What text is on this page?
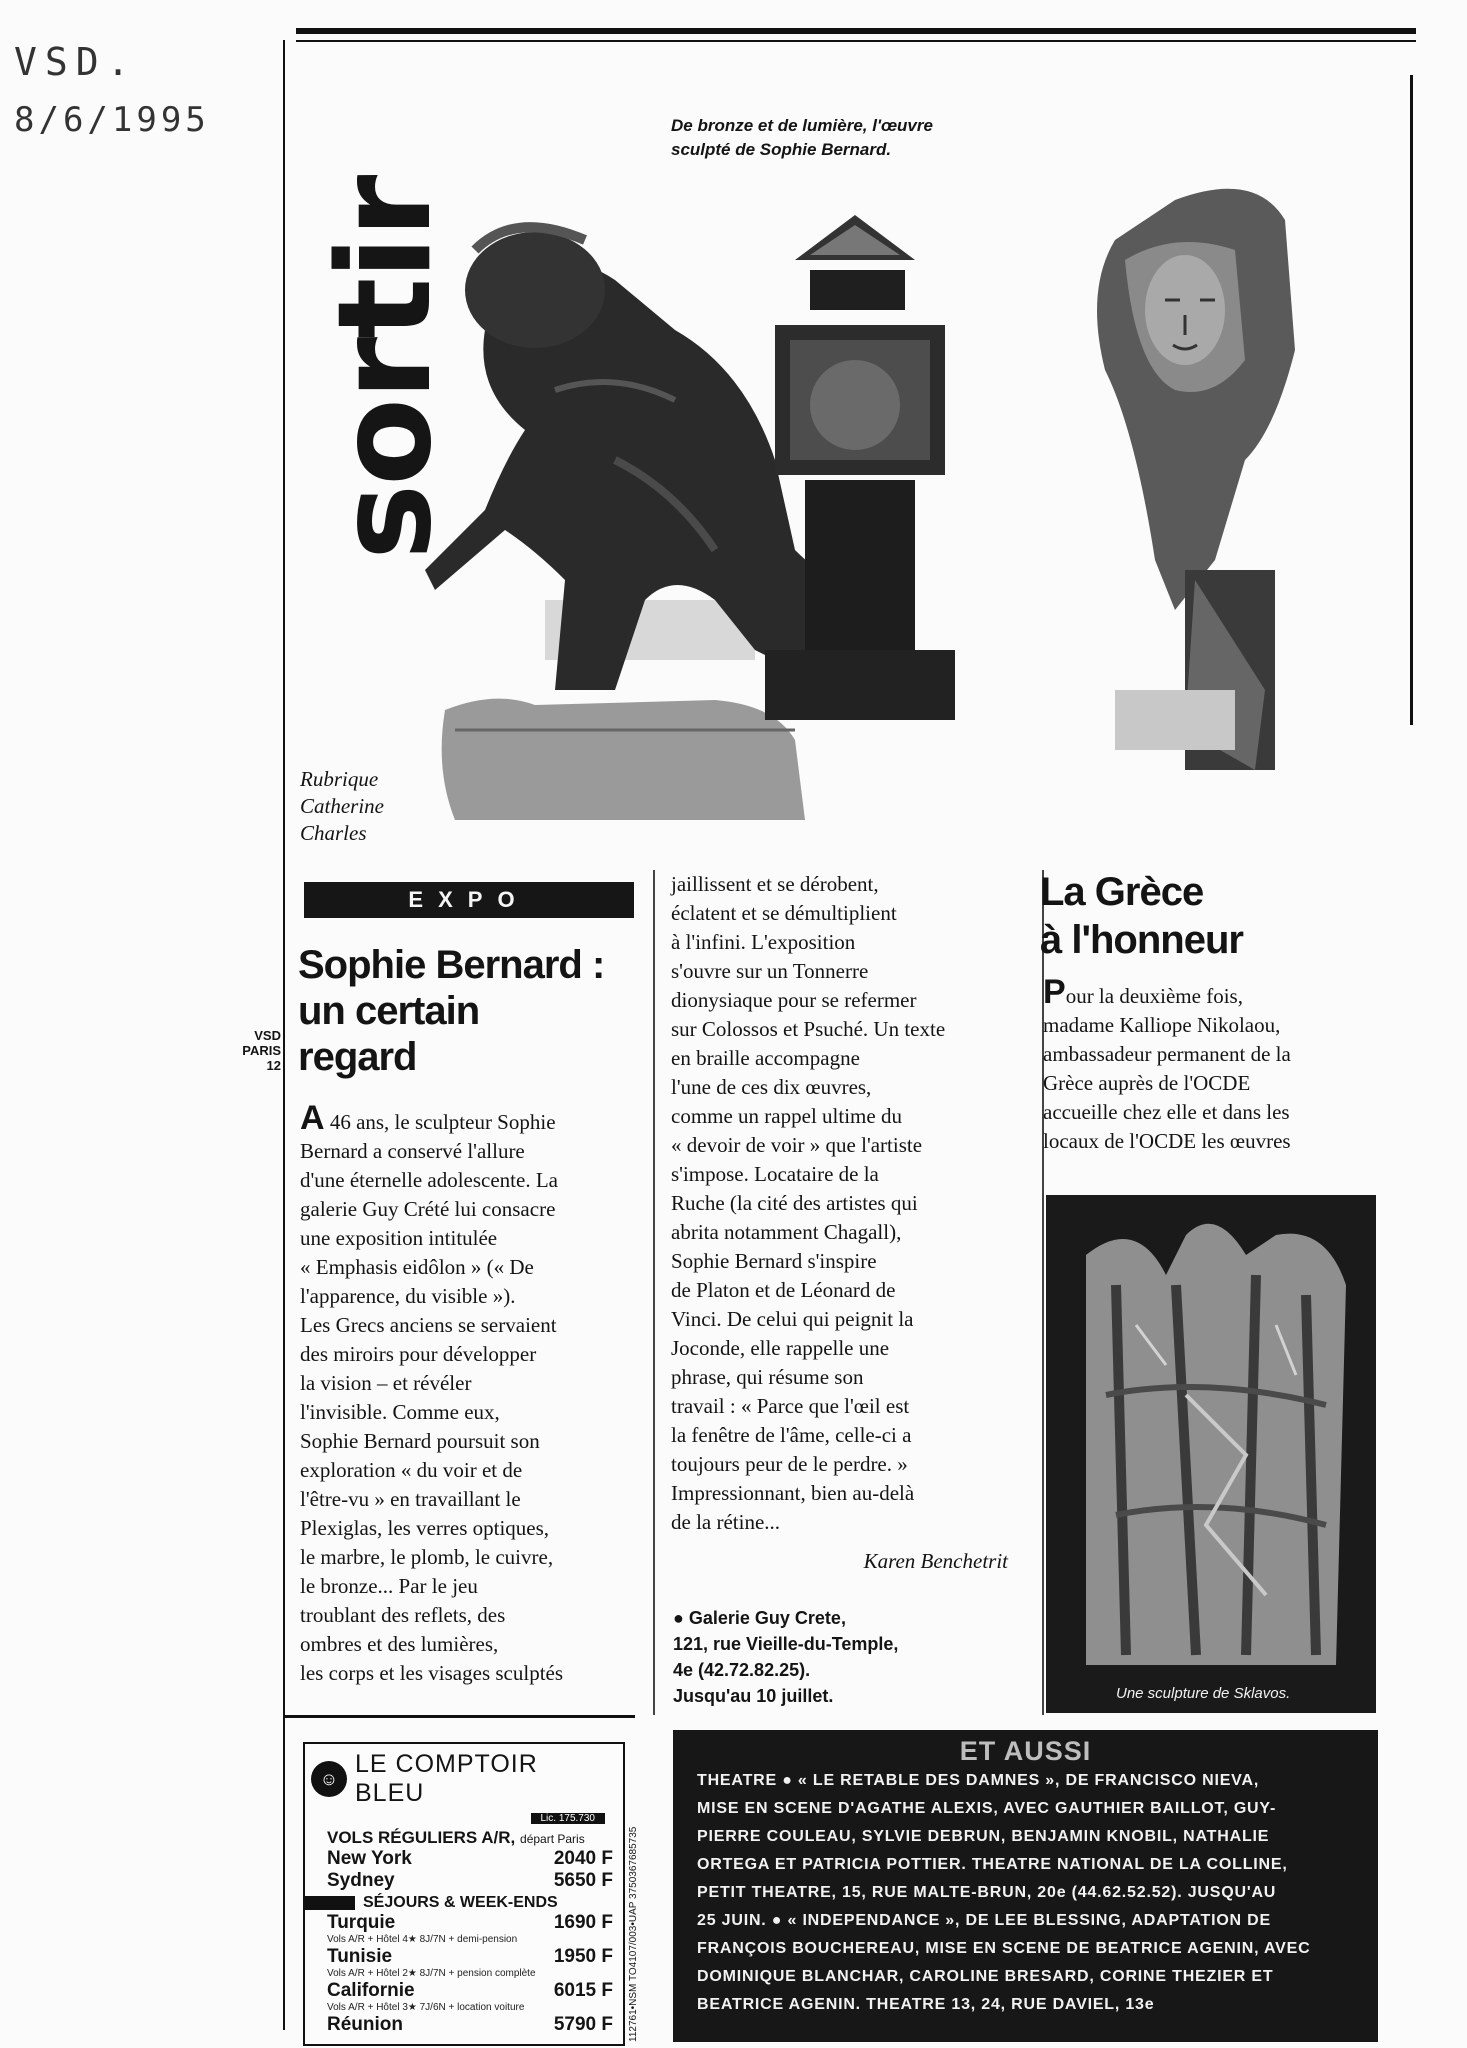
VSD.
8/6/1995
sortir
De bronze et de lumière, l'œuvre
sculpté de Sophie Bernard.
Rubrique
Catherine
Charles
VSD
PARIS
12
EXPO
Sophie Bernard :
un certain
regard
A 46 ans, le sculpteur Sophie
Bernard a conservé l'allure
d'une éternelle adolescente. La
galerie Guy Crété lui consacre
une exposition intitulée
« Emphasis eidôlon » (« De
l'apparence, du visible »).
Les Grecs anciens se servaient
des miroirs pour développer
la vision – et révéler
l'invisible. Comme eux,
Sophie Bernard poursuit son
exploration « du voir et de
l'être-vu » en travaillant le
Plexiglas, les verres optiques,
le marbre, le plomb, le cuivre,
le bronze... Par le jeu
troublant des reflets, des
ombres et des lumières,
les corps et les visages sculptés
jaillissent et se dérobent,
éclatent et se démultiplient
à l'infini. L'exposition
s'ouvre sur un Tonnerre
dionysiaque pour se refermer
sur Colossos et Psuché. Un texte
en braille accompagne
l'une de ces dix œuvres,
comme un rappel ultime du
« devoir de voir » que l'artiste
s'impose. Locataire de la
Ruche (la cité des artistes qui
abrita notamment Chagall),
Sophie Bernard s'inspire
de Platon et de Léonard de
Vinci. De celui qui peignit la
Joconde, elle rappelle une
phrase, qui résume son
travail : « Parce que l'œil est
la fenêtre de l'âme, celle-ci a
toujours peur de le perdre. »
Impressionnant, bien au-delà
de la rétine...
Karen Benchetrit
● Galerie Guy Crete,
121, rue Vieille-du-Temple,
4e (42.72.82.25).
Jusqu'au 10 juillet.
La Grèce
à l'honneur
Pour la deuxième fois,
madame Kalliope Nikolaou,
ambassadeur permanent de la
Grèce auprès de l'OCDE
accueille chez elle et dans les
locaux de l'OCDE les œuvres
Une sculpture de Sklavos.
☺
LE COMPTOIR BLEU
Lic. 175.730
VOLS RÉGULIERS A/R, départ Paris
New York	2040 F
Sydney	5650 F
SÉJOURS & WEEK-ENDS
Turquie	1690 F
Vols A/R + Hôtel 4★ 8J/7N + demi-pension
Tunisie	1950 F
Vols A/R + Hôtel 2★ 8J/7N + pension complète
Californie	6015 F
Vols A/R + Hôtel 3★ 7J/6N + location voiture
Réunion	5790 F 112761•NSM TO4107/003•UAP 3750367685735
ET AUSSI
THEATRE ● « LE RETABLE DES DAMNES », DE FRANCISCO NIEVA,
MISE EN SCENE D'AGATHE ALEXIS, AVEC GAUTHIER BAILLOT, GUY-
PIERRE COULEAU, SYLVIE DEBRUN, BENJAMIN KNOBIL, NATHALIE
ORTEGA ET PATRICIA POTTIER. THEATRE NATIONAL DE LA COLLINE,
PETIT THEATRE, 15, RUE MALTE-BRUN, 20e (44.62.52.52). JUSQU'AU
25 JUIN. ● « INDEPENDANCE », DE LEE BLESSING, ADAPTATION DE
FRANÇOIS BOUCHEREAU, MISE EN SCENE DE BEATRICE AGENIN, AVEC
DOMINIQUE BLANCHAR, CAROLINE BRESARD, CORINE THEZIER ET
BEATRICE AGENIN. THEATRE 13, 24, RUE DAVIEL, 13e
